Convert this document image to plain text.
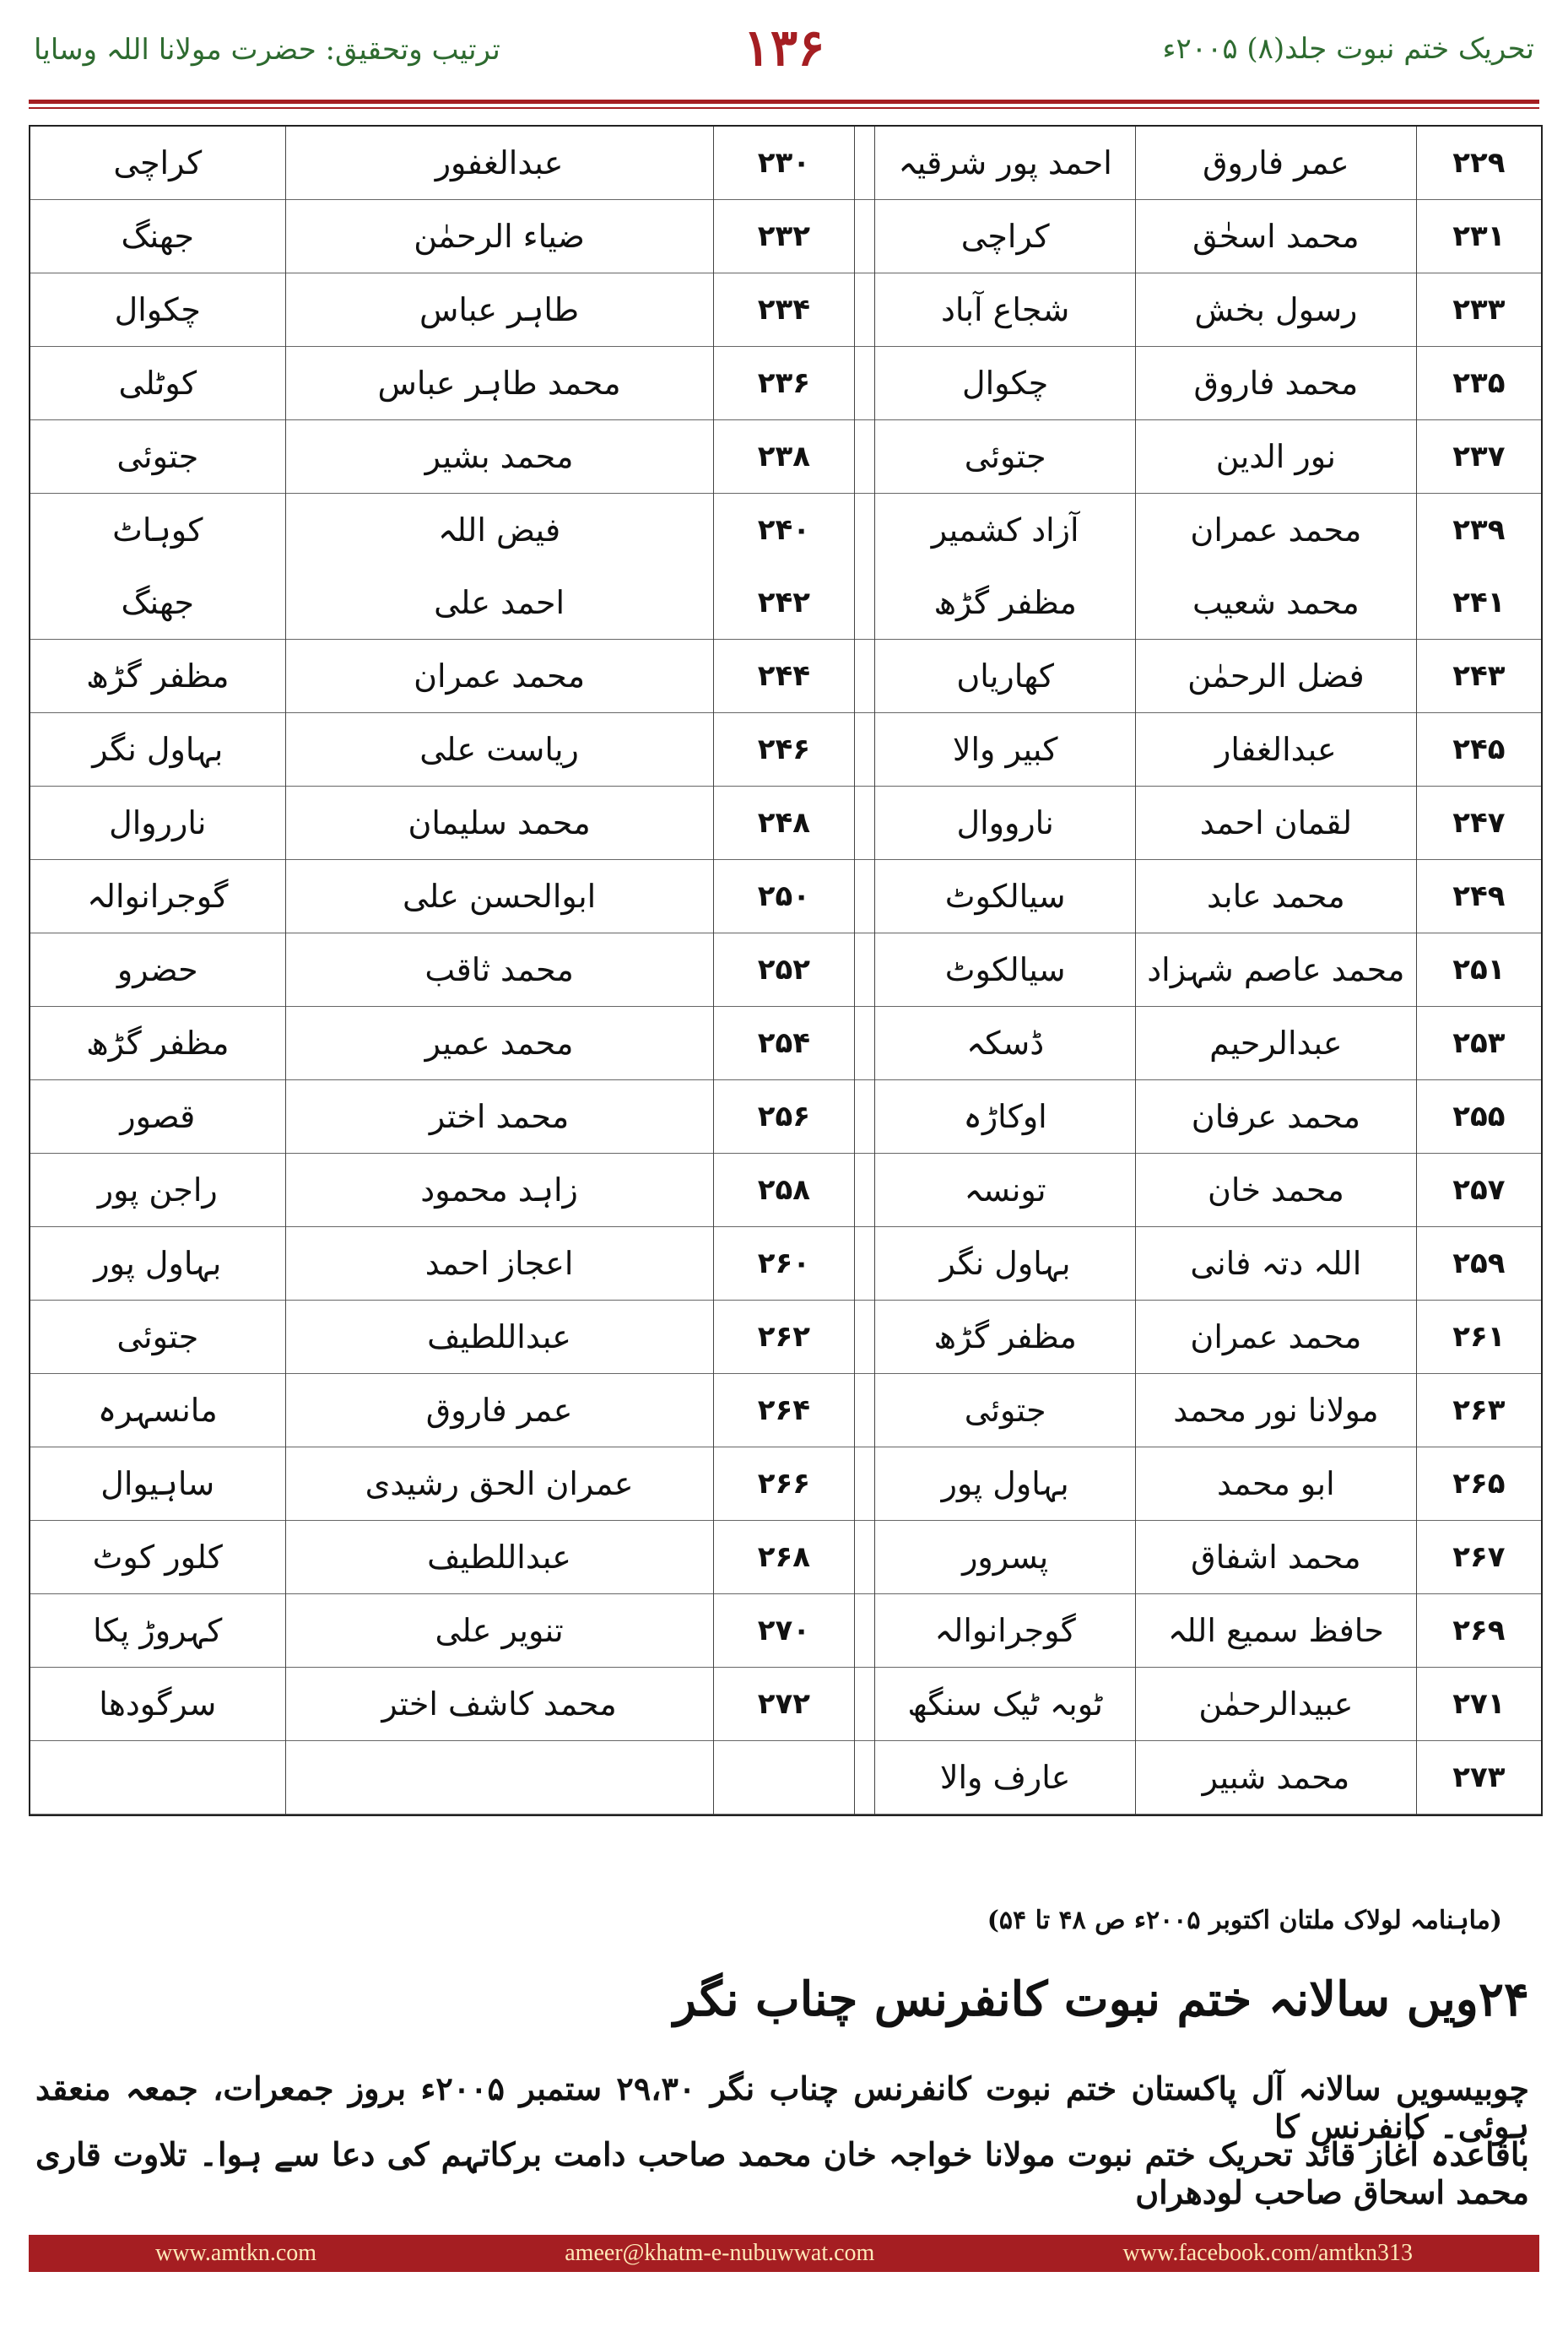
ترتیب وتحقیق: حضرت مولانا اللہ وسایا	۱۳۶	تحریک ختم نبوت جلد(۸) ۲۰۰۵ء
۲۲۹	عمر فاروق	احمد پور شرقیہ		۲۳۰	عبدالغفور	کراچی
۲۳۱	محمد اسحٰق	کراچی		۲۳۲	ضیاء الرحمٰن	جھنگ
۲۳۳	رسول بخش	شجاع آباد		۲۳۴	طاہر عباس	چکوال
۲۳۵	محمد فاروق	چکوال		۲۳۶	محمد طاہر عباس	کوٹلی
۲۳۷	نور الدین	جتوئی		۲۳۸	محمد بشیر	جتوئی
۲۳۹	محمد عمران	آزاد کشمیر		۲۴۰	فیض اللہ	کوہاٹ
۲۴۱	محمد شعیب	مظفر گڑھ		۲۴۲	احمد علی	جھنگ
۲۴۳	فضل الرحمٰن	کھاریاں		۲۴۴	محمد عمران	مظفر گڑھ
۲۴۵	عبدالغفار	کبیر والا		۲۴۶	ریاست علی	بہاول نگر
۲۴۷	لقمان احمد	نارووال		۲۴۸	محمد سلیمان	نارروال
۲۴۹	محمد عابد	سیالکوٹ		۲۵۰	ابوالحسن علی	گوجرانوالہ
۲۵۱	محمد عاصم شہزاد	سیالکوٹ		۲۵۲	محمد ثاقب	حضرو
۲۵۳	عبدالرحیم	ڈسکہ		۲۵۴	محمد عمیر	مظفر گڑھ
۲۵۵	محمد عرفان	اوکاڑہ		۲۵۶	محمد اختر	قصور
۲۵۷	محمد خان	تونسہ		۲۵۸	زاہد محمود	راجن پور
۲۵۹	اللہ دتہ فانی	بہاول نگر		۲۶۰	اعجاز احمد	بہاول پور
۲۶۱	محمد عمران	مظفر گڑھ		۲۶۲	عبداللطیف	جتوئی
۲۶۳	مولانا نور محمد	جتوئی		۲۶۴	عمر فاروق	مانسہرہ
۲۶۵	ابو محمد	بہاول پور		۲۶۶	عمران الحق رشیدی	ساہیوال
۲۶۷	محمد اشفاق	پسرور		۲۶۸	عبداللطیف	کلور کوٹ
۲۶۹	حافظ سمیع اللہ	گوجرانوالہ		۲۷۰	تنویر علی	کہروڑ پکا
۲۷۱	عبیدالرحمٰن	ٹوبہ ٹیک سنگھ		۲۷۲	محمد کاشف اختر	سرگودھا
۲۷۳	محمد شبیر	عارف والا				
(ماہنامہ لولاک ملتان اکتوبر ۲۰۰۵ء ص ۴۸ تا ۵۴)
۲۴ویں سالانہ ختم نبوت کانفرنس چناب نگر
چوبیسویں سالانہ آل پاکستان ختم نبوت کانفرنس چناب نگر ۲۹،۳۰ ستمبر ۲۰۰۵ء بروز جمعرات، جمعہ منعقد ہوئی۔ کانفرنس کا
باقاعدہ آغاز قائد تحریک ختم نبوت مولانا خواجہ خان محمد صاحب دامت برکاتہم کی دعا سے ہوا۔ تلاوت قاری محمد اسحاق صاحب لودھراں
www.amtkn.com	ameer@khatm-e-nubuwwat.com	www.facebook.com/amtkn313
